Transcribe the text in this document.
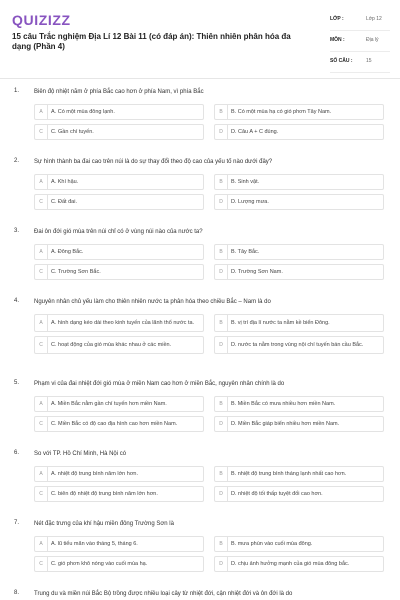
QUIZIZZ
15 câu Trắc nghiệm Địa Lí 12 Bài 11 (có đáp án): Thiên nhiên phân hóa đa dạng (Phần 4)
LỚP :	Lớp 12
MÔN :	Địa lý
SỐ CÂU :	15
1. Biên độ nhiệt năm ở phía Bắc cao hơn ở phía Nam, vì phía Bắc
A	A. Có một mùa đông lạnh.	B	B. Có một mùa hạ có gió phơn Tây Nam.
C	C. Gần chí tuyến.	D	D. Câu A + C đúng.
2. Sự hình thành ba đai cao trên núi là do sự thay đổi theo độ cao của yếu tố nào dưới đây?
A	A. Khí hậu.	B	B. Sinh vật.
C	C. Đất đai.	D	D. Lượng mưa.
3. Đai ôn đới gió mùa trên núi chỉ có ở vùng núi nào của nước ta?
A	A. Đông Bắc.	B	B. Tây Bắc.
C	C. Trường Sơn Bắc.	D	D. Trường Sơn Nam.
4. Nguyên nhân chủ yếu làm cho thiên nhiên nước ta phân hóa theo chiều Bắc – Nam là do
A	A. hình dạng kéo dài theo kinh tuyến của lãnh thổ nước ta.	B	B. vị trí địa lí nước ta nằm kề biển Đông.
C	C. hoạt động của gió mùa khác nhau ở các miền.	D	D. nước ta nằm trong vùng nội chí tuyến bán cầu Bắc.
5. Phạm vi của đai nhiệt đới gió mùa ở miền Nam cao hơn ở miền Bắc, nguyên nhân chính là do
A	A. Miền Bắc nằm gần chí tuyến hơn miền Nam.	B	B. Miền Bắc có mưa nhiều hơn miền Nam.
C	C. Miền Bắc có độ cao địa hình cao hơn miền Nam.	D	D. Miền Bắc giáp biển nhiều hơn miền Nam.
6. So với TP. Hồ Chí Minh, Hà Nội có
A	A. nhiệt độ trung bình năm lớn hơn.	B	B. nhiệt độ trung bình tháng lạnh nhất cao hơn.
C	C. biên độ nhiệt độ trung bình năm lớn hơn.	D	D. nhiệt độ tối thấp tuyệt đối cao hơn.
7. Nét đặc trưng của khí hậu miền đông Trường Sơn là
A	A. lũ tiểu mãn vào tháng 5, tháng 6.	B	B. mưa phùn vào cuối mùa đông.
C	C. gió phơn khô nóng vào cuối mùa hạ.	D	D. chịu ảnh hưởng mạnh của gió mùa đông bắc.
8. Trung du và miền núi Bắc Bộ trồng được nhiều loại cây từ nhiệt đới, cận nhiệt đới và ôn đới là do
